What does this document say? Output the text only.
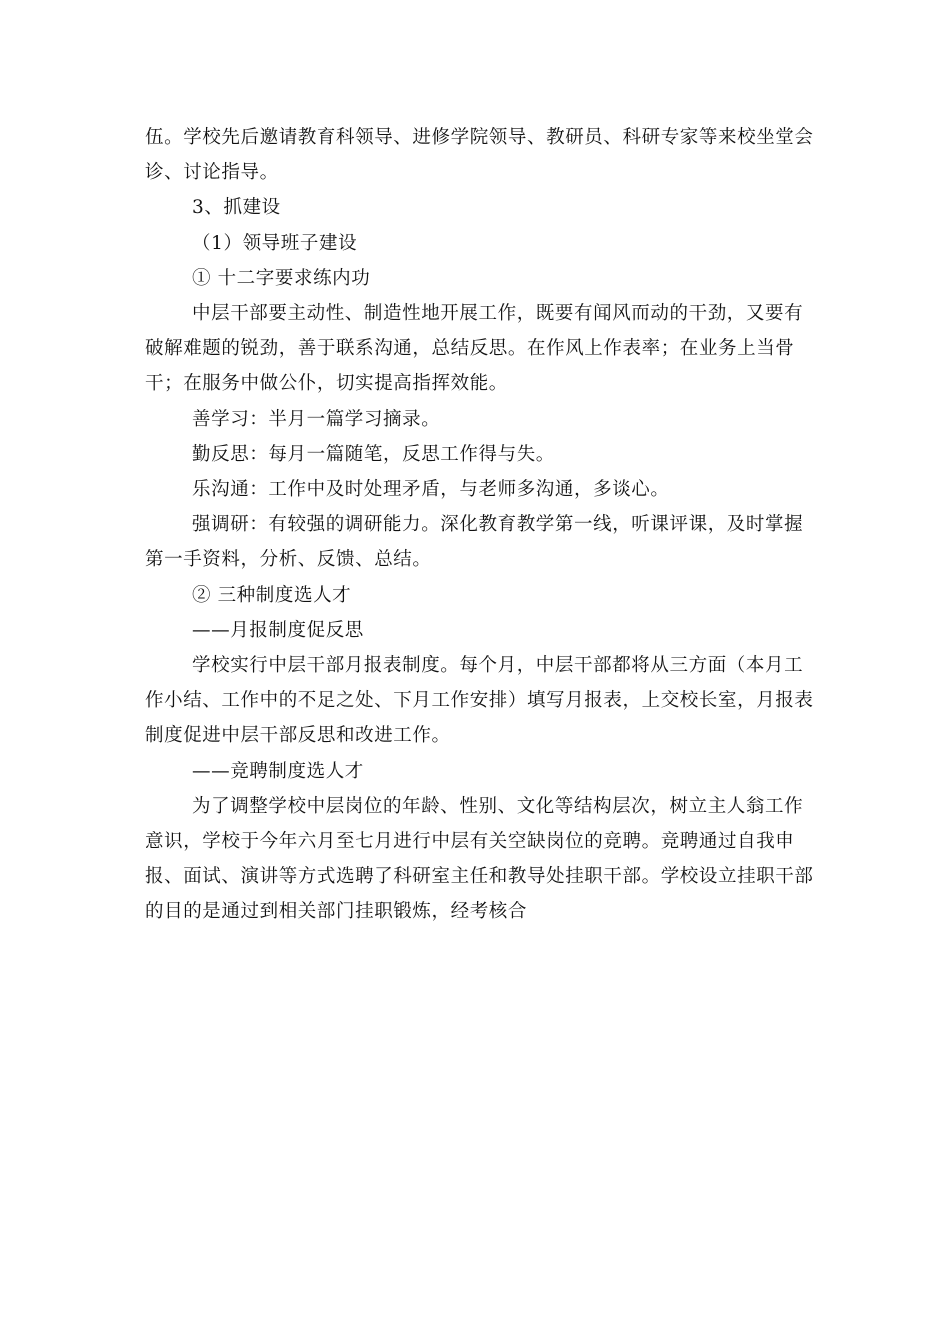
伍。学校先后邀请教育科领导、进修学院领导、教研员、科研专家等来校坐堂会诊、讨论指导。

3、抓建设

（1）领导班子建设

① 十二字要求练内功

中层干部要主动性、制造性地开展工作，既要有闻风而动的干劲，又要有破解难题的锐劲，善于联系沟通，总结反思。在作风上作表率；在业务上当骨干；在服务中做公仆，切实提高指挥效能。

善学习：半月一篇学习摘录。

勤反思：每月一篇随笔，反思工作得与失。

乐沟通：工作中及时处理矛盾，与老师多沟通，多谈心。

强调研：有较强的调研能力。深化教育教学第一线，听课评课，及时掌握第一手资料，分析、反馈、总结。

② 三种制度选人才

——月报制度促反思

学校实行中层干部月报表制度。每个月，中层干部都将从三方面（本月工作小结、工作中的不足之处、下月工作安排）填写月报表，上交校长室，月报表制度促进中层干部反思和改进工作。

——竞聘制度选人才

为了调整学校中层岗位的年龄、性别、文化等结构层次，树立主人翁工作意识，学校于今年六月至七月进行中层有关空缺岗位的竞聘。竞聘通过自我申报、面试、演讲等方式选聘了科研室主任和教导处挂职干部。学校设立挂职干部的目的是通过到相关部门挂职锻炼，经考核合
